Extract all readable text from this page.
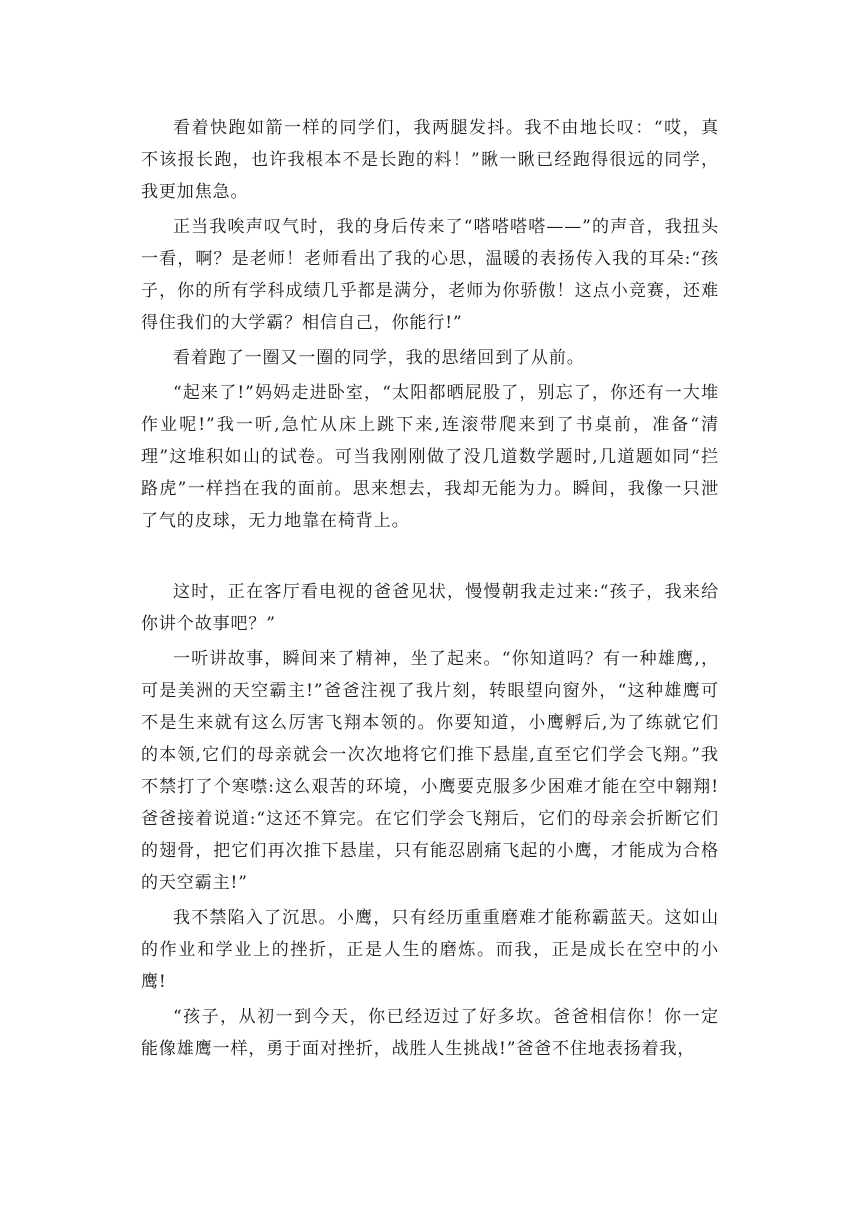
看着快跑如箭一样的同学们，我两腿发抖。我不由地长叹：“哎，真不该报长跑，也许我根本不是长跑的料！”瞅一瞅已经跑得很远的同学，我更加焦急。

正当我唉声叹气时，我的身后传来了“嗒嗒嗒嗒——”的声音，我扭头一看，啊？是老师！老师看出了我的心思，温暖的表扬传入我的耳朵:“孩子，你的所有学科成绩几乎都是满分，老师为你骄傲！这点小竞赛，还难得住我们的大学霸？相信自己，你能行!”

看着跑了一圈又一圈的同学，我的思绪回到了从前。

“起来了!”妈妈走进卧室，“太阳都晒屁股了，别忘了，你还有一大堆作业呢!”我一听,急忙从床上跳下来,连滚带爬来到了书桌前，准备“清理”这堆积如山的试卷。可当我刚刚做了没几道数学题时,几道题如同“拦路虎”一样挡在我的面前。思来想去，我却无能为力。瞬间，我像一只泄了气的皮球，无力地靠在椅背上。

这时，正在客厅看电视的爸爸见状，慢慢朝我走过来:“孩子，我来给你讲个故事吧？”

一听讲故事，瞬间来了精神，坐了起来。“你知道吗？有一种雄鹰,，可是美洲的天空霸主!”爸爸注视了我片刻，转眼望向窗外，“这种雄鹰可不是生来就有这么厉害飞翔本领的。你要知道，小鹰孵后,为了练就它们的本领,它们的母亲就会一次次地将它们推下悬崖,直至它们学会飞翔。”我不禁打了个寒噤:这么艰苦的环境，小鹰要克服多少困难才能在空中翱翔!爸爸接着说道:“这还不算完。在它们学会飞翔后，它们的母亲会折断它们的翅骨，把它们再次推下悬崖，只有能忍剧痛飞起的小鹰，才能成为合格的天空霸主!”

我不禁陷入了沉思。小鹰，只有经历重重磨难才能称霸蓝天。这如山的作业和学业上的挫折，正是人生的磨炼。而我，正是成长在空中的小鹰!

“孩子，从初一到今天，你已经迈过了好多坎。爸爸相信你！你一定能像雄鹰一样，勇于面对挫折，战胜人生挑战!”爸爸不住地表扬着我，
